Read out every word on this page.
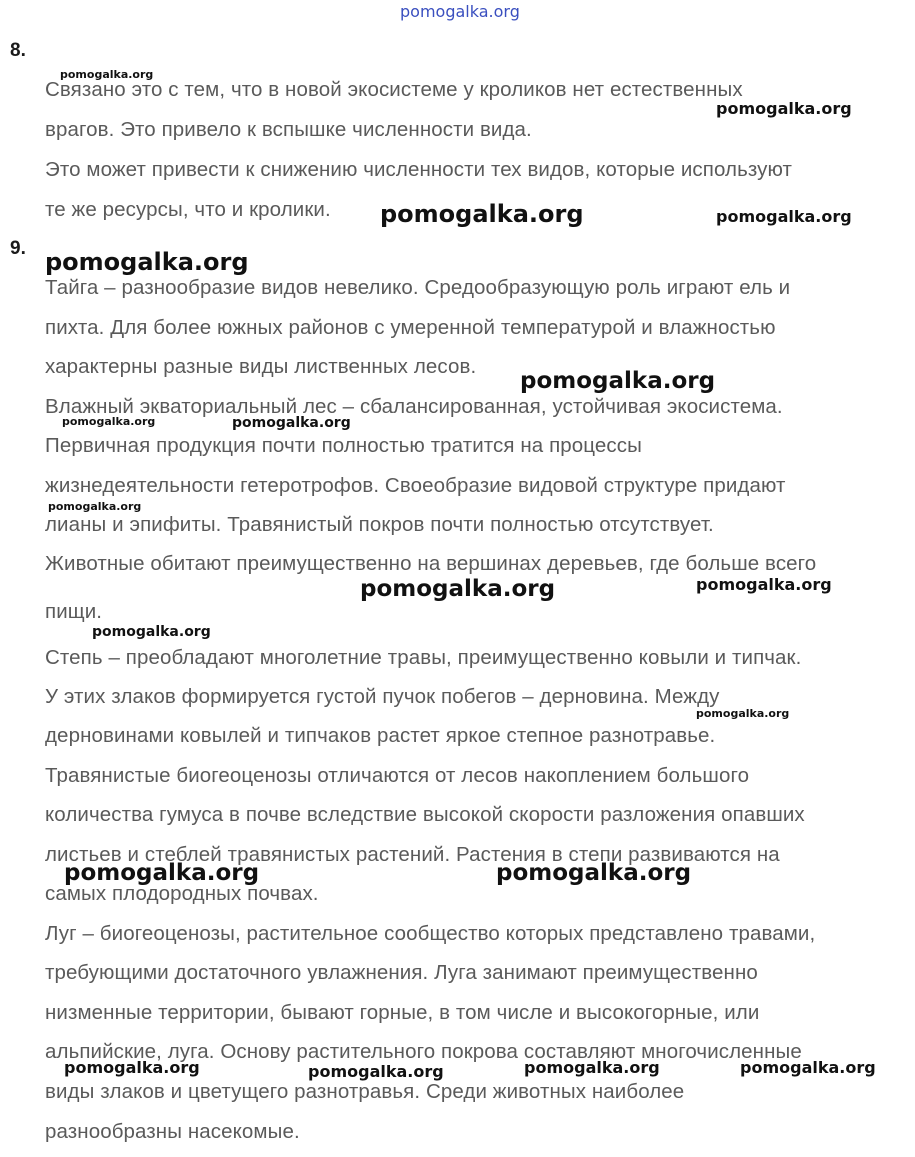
pomogalka.org
8.
Связано это с тем, что в новой экосистеме у кроликов нет естественных
врагов. Это привело к вспышке численности вида.
Это может привести к снижению численности тех видов, которые используют
те же ресурсы, что и кролики.
9.
Тайга – разнообразие видов невелико. Средообразующую роль играют ель и
пихта. Для более южных районов с умеренной температурой и влажностью
характерны разные виды лиственных лесов.
Влажный экваториальный лес – сбалансированная, устойчивая экосистема.
Первичная продукция почти полностью тратится на процессы
жизнедеятельности гетеротрофов. Своеобразие видовой структуре придают
лианы и эпифиты. Травянистый покров почти полностью отсутствует.
Животные обитают преимущественно на вершинах деревьев, где больше всего
пищи.
Степь – преобладают многолетние травы, преимущественно ковыли и типчак.
У этих злаков формируется густой пучок побегов – дерновина. Между
дерновинами ковылей и типчаков растет яркое степное разнотравье.
Травянистые биогеоценозы отличаются от лесов накоплением большого
количества гумуса в почве вследствие высокой скорости разложения опавших
листьев и стеблей травянистых растений. Растения в степи развиваются на
самых плодородных почвах.
Луг – биогеоценозы, растительное сообщество которых представлено травами,
требующими достаточного увлажнения. Луга занимают преимущественно
низменные территории, бывают горные, в том числе и высокогорные, или
альпийские, луга. Основу растительного покрова составляют многочисленные
виды злаков и цветущего разнотравья. Среди животных наиболее
разнообразны насекомые.
pomogalka.org
pomogalka.org
pomogalka.org	pomogalka.org
pomogalka.org
pomogalka.org
pomogalka.org	pomogalka.org
pomogalka.org
pomogalka.org
pomogalka.org
pomogalka.org
pomogalka.org
pomogalka.org	pomogalka.org
pomogalka.org	pomogalka.org	pomogalka.org
pomogalka.org
